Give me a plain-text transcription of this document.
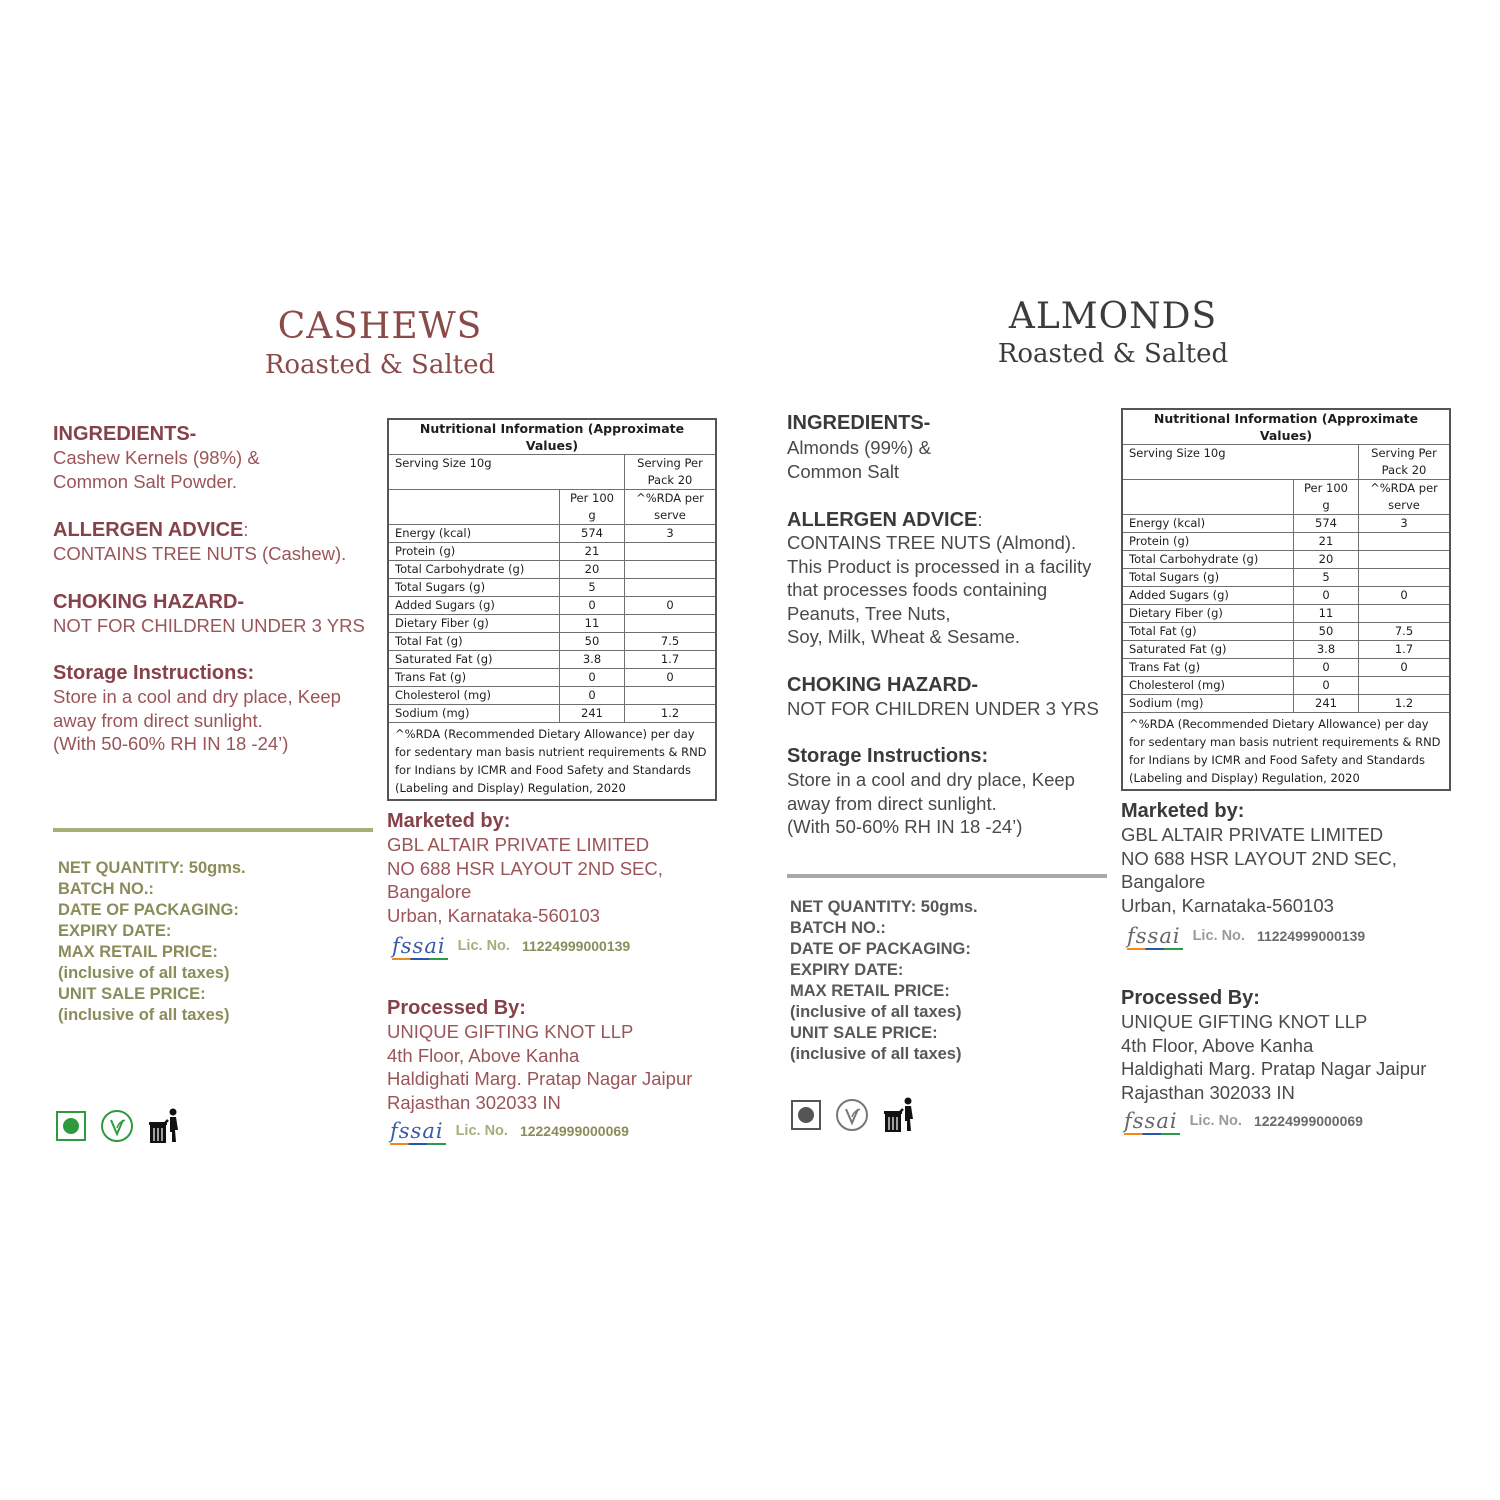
CASHEWS
Roasted & Salted
INGREDIENTS-
Cashew Kernels (98%) &
Common Salt Powder.
ALLERGEN ADVICE:
CONTAINS TREE NUTS (Cashew).
CHOKING HAZARD-
NOT FOR CHILDREN UNDER 3 YRS
Storage Instructions:
Store in a cool and dry place, Keep
away from direct sunlight.
(With 50-60% RH IN 18 -24’)
NET QUANTITY: 50gms.
BATCH NO.:
DATE OF PACKAGING:
EXPIRY DATE:
MAX RETAIL PRICE:
(inclusive of all taxes)
UNIT SALE PRICE:
(inclusive of all taxes)
Nutritional Information (Approximate Values)		
Serving Size 10g		Serving Per Pack 20
	Per 100 g	^%RDA per serve
Energy (kcal)	574	3
Protein (g)	21	
Total Carbohydrate (g)	20	
Total Sugars (g)	5	
Added Sugars (g)	0	0
Dietary Fiber (g)	11	
Total Fat (g)	50	7.5
Saturated Fat (g)	3.8	1.7
Trans Fat (g)	0	0
Cholesterol (mg)	0	
Sodium (mg)	241	1.2
^%RDA (Recommended Dietary Allowance) per day for sedentary man basis nutrient requirements & RND for Indians by ICMR and Food Safety and Standards (Labeling and Display) Regulation, 2020		
Marketed by:
GBL ALTAIR PRIVATE LIMITED
NO 688 HSR LAYOUT 2ND SEC,
Bangalore
Urban, Karnataka-560103
fssai Lic. No. 11224999000139
Processed By:
UNIQUE GIFTING KNOT LLP
4th Floor, Above Kanha
Haldighati Marg. Pratap Nagar Jaipur
Rajasthan 302033 IN
fssai Lic. No. 12224999000069
ALMONDS
Roasted & Salted
INGREDIENTS-
Almonds (99%) &
Common Salt
ALLERGEN ADVICE:
CONTAINS TREE NUTS (Almond).
This Product is processed in a facility
that processes foods containing
Peanuts, Tree Nuts,
Soy, Milk, Wheat & Sesame.
CHOKING HAZARD-
NOT FOR CHILDREN UNDER 3 YRS
Storage Instructions:
Store in a cool and dry place, Keep
away from direct sunlight.
(With 50-60% RH IN 18 -24’)
NET QUANTITY: 50gms.
BATCH NO.:
DATE OF PACKAGING:
EXPIRY DATE:
MAX RETAIL PRICE:
(inclusive of all taxes)
UNIT SALE PRICE:
(inclusive of all taxes)
Nutritional Information (Approximate Values)		
Serving Size 10g		Serving Per Pack 20
	Per 100 g	^%RDA per serve
Energy (kcal)	574	3
Protein (g)	21	
Total Carbohydrate (g)	20	
Total Sugars (g)	5	
Added Sugars (g)	0	0
Dietary Fiber (g)	11	
Total Fat (g)	50	7.5
Saturated Fat (g)	3.8	1.7
Trans Fat (g)	0	0
Cholesterol (mg)	0	
Sodium (mg)	241	1.2
^%RDA (Recommended Dietary Allowance) per day for sedentary man basis nutrient requirements & RND for Indians by ICMR and Food Safety and Standards (Labeling and Display) Regulation, 2020		
Marketed by:
GBL ALTAIR PRIVATE LIMITED
NO 688 HSR LAYOUT 2ND SEC,
Bangalore
Urban, Karnataka-560103
fssai Lic. No. 11224999000139
Processed By:
UNIQUE GIFTING KNOT LLP
4th Floor, Above Kanha
Haldighati Marg. Pratap Nagar Jaipur
Rajasthan 302033 IN
fssai Lic. No. 12224999000069
